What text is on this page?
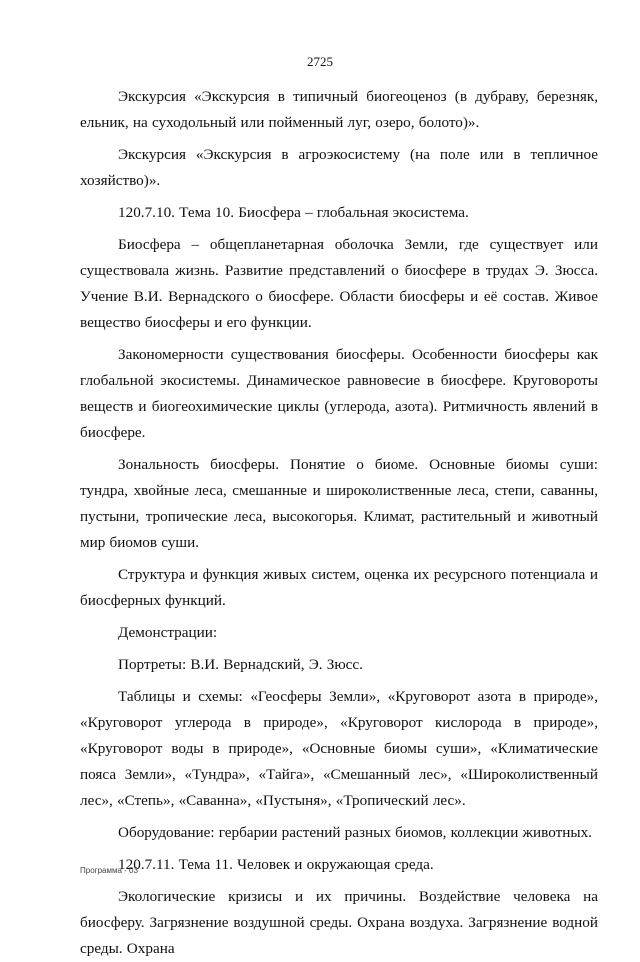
2725

Экскурсия «Экскурсия в типичный биогеоценоз (в дубраву, березняк, ельник, на суходольный или пойменный луг, озеро, болото)».

Экскурсия «Экскурсия в агроэкосистему (на поле или в тепличное хозяйство)».

120.7.10. Тема 10. Биосфера – глобальная экосистема.

Биосфера – общепланетарная оболочка Земли, где существует или существовала жизнь. Развитие представлений о биосфере в трудах Э. Зюсса. Учение В.И. Вернадского о биосфере. Области биосферы и её состав. Живое вещество биосферы и его функции.

Закономерности существования биосферы. Особенности биосферы как глобальной экосистемы. Динамическое равновесие в биосфере. Круговороты веществ и биогеохимические циклы (углерода, азота). Ритмичность явлений в биосфере.

Зональность биосферы. Понятие о биоме. Основные биомы суши: тундра, хвойные леса, смешанные и широколиственные леса, степи, саванны, пустыни, тропические леса, высокогорья. Климат, растительный и животный мир биомов суши.

Структура и функция живых систем, оценка их ресурсного потенциала и биосферных функций.

Демонстрации:

Портреты: В.И. Вернадский, Э. Зюсс.

Таблицы и схемы: «Геосферы Земли», «Круговорот азота в природе», «Круговорот углерода в природе», «Круговорот кислорода в природе», «Круговорот воды в природе», «Основные биомы суши», «Климатические пояса Земли», «Тундра», «Тайга», «Смешанный лес», «Широколиственный лес», «Степь», «Саванна», «Пустыня», «Тропический лес».

Оборудование: гербарии растений разных биомов, коллекции животных.

120.7.11. Тема 11. Человек и окружающая среда.

Экологические кризисы и их причины. Воздействие человека на биосферу. Загрязнение воздушной среды. Охрана воздуха. Загрязнение водной среды. Охрана

Программа - 03
